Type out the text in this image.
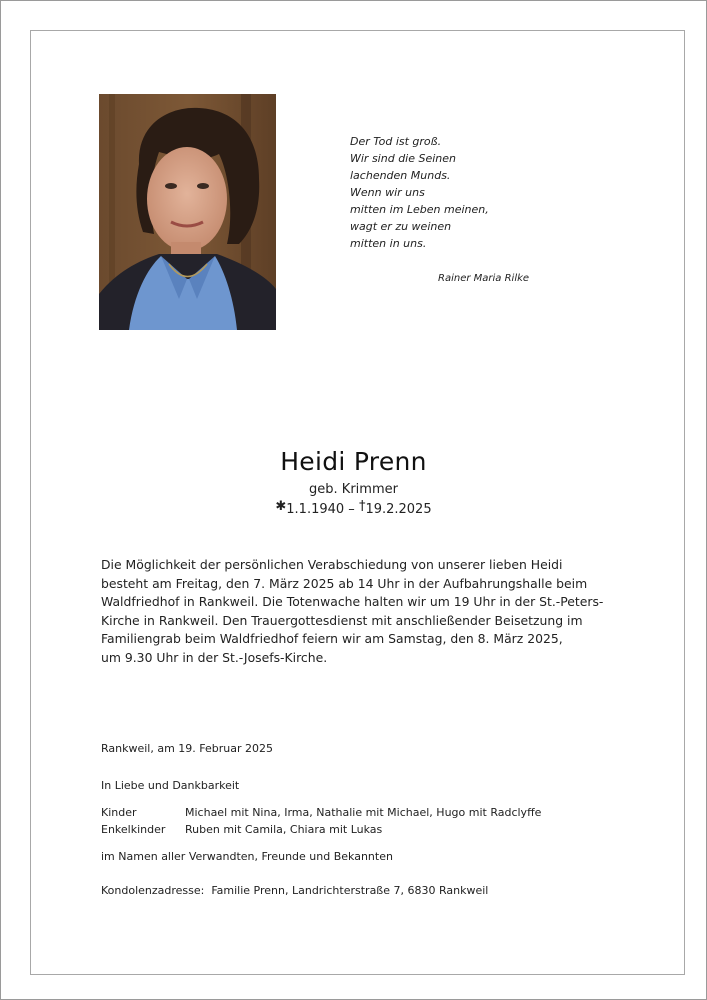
Der Tod ist groß.
Wir sind die Seinen
lachenden Munds.
Wenn wir uns
mitten im Leben meinen,
wagt er zu weinen
mitten in uns.
Rainer Maria Rilke
Heidi Prenn
geb. Krimmer
✱1.1.1940 – †19.2.2025
Die Möglichkeit der persönlichen Verabschiedung von unserer lieben Heidi
besteht am Freitag, den 7. März 2025 ab 14 Uhr in der Aufbahrungshalle beim
Waldfriedhof in Rankweil. Die Totenwache halten wir um 19 Uhr in der St.-Peters-
Kirche in Rankweil. Den Trauergottesdienst mit anschließender Beisetzung im
Familiengrab beim Waldfriedhof feiern wir am Samstag, den 8. März 2025,
um 9.30 Uhr in der St.-Josefs-Kirche.
Rankweil, am 19. Februar 2025
In Liebe und Dankbarkeit
Kinder	Michael mit Nina, Irma, Nathalie mit Michael, Hugo mit Radclyffe
Enkelkinder Ruben mit Camila, Chiara mit Lukas
im Namen aller Verwandten, Freunde und Bekannten
Kondolenzadresse:  Familie Prenn, Landrichterstraße 7, 6830 Rankweil
